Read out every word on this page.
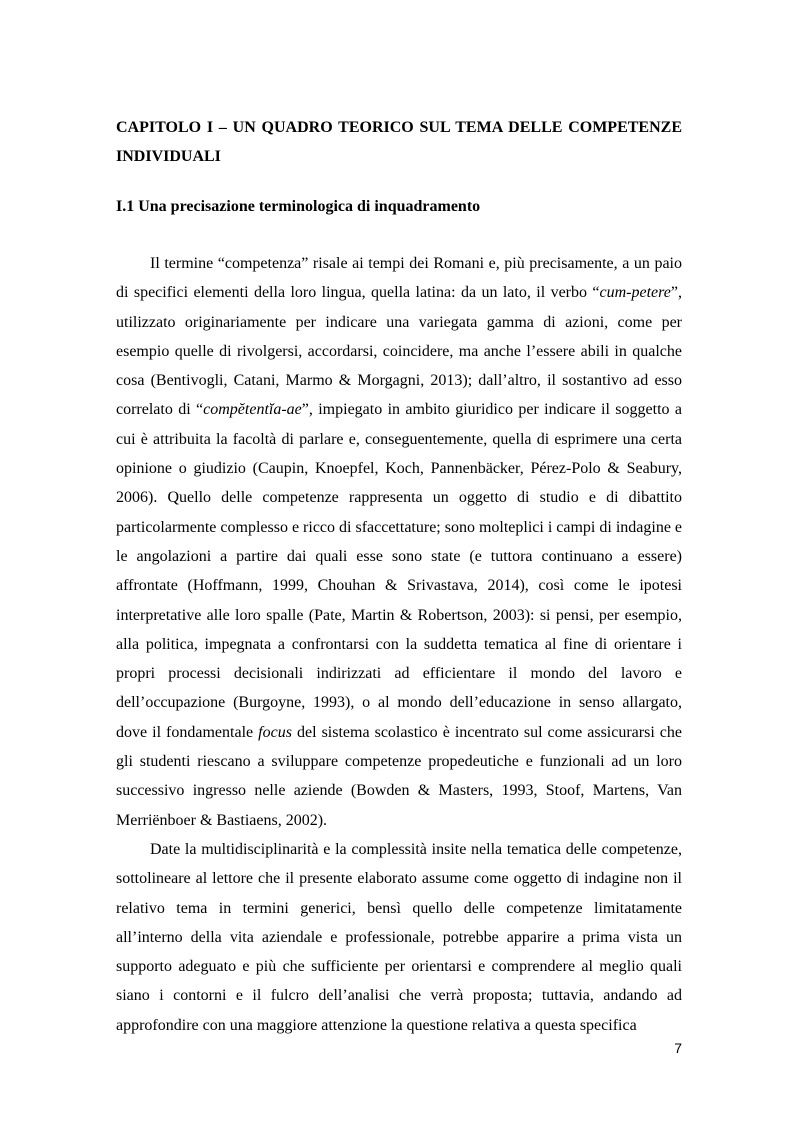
CAPITOLO I – UN QUADRO TEORICO SUL TEMA DELLE COMPETENZE INDIVIDUALI
I.1 Una precisazione terminologica di inquadramento

Il termine “competenza” risale ai tempi dei Romani e, più precisamente, a un paio di specifici elementi della loro lingua, quella latina: da un lato, il verbo “cum-petere”, utilizzato originariamente per indicare una variegata gamma di azioni, come per esempio quelle di rivolgersi, accordarsi, coincidere, ma anche l’essere abili in qualche cosa (Bentivogli, Catani, Marmo & Morgagni, 2013); dall’altro, il sostantivo ad esso correlato di “compĕtentĭa-ae”, impiegato in ambito giuridico per indicare il soggetto a cui è attribuita la facoltà di parlare e, conseguentemente, quella di esprimere una certa opinione o giudizio (Caupin, Knoepfel, Koch, Pannenbäcker, Pérez-Polo & Seabury, 2006). Quello delle competenze rappresenta un oggetto di studio e di dibattito particolarmente complesso e ricco di sfaccettature; sono molteplici i campi di indagine e le angolazioni a partire dai quali esse sono state (e tuttora continuano a essere) affrontate (Hoffmann, 1999, Chouhan & Srivastava, 2014), così come le ipotesi interpretative alle loro spalle (Pate, Martin & Robertson, 2003): si pensi, per esempio, alla politica, impegnata a confrontarsi con la suddetta tematica al fine di orientare i propri processi decisionali indirizzati ad efficientare il mondo del lavoro e dell’occupazione (Burgoyne, 1993), o al mondo dell’educazione in senso allargato, dove il fondamentale focus del sistema scolastico è incentrato sul come assicurarsi che gli studenti riescano a sviluppare competenze propedeutiche e funzionali ad un loro successivo ingresso nelle aziende (Bowden & Masters, 1993, Stoof, Martens, Van Merriënboer & Bastiaens, 2002).

Date la multidisciplinarità e la complessità insite nella tematica delle competenze, sottolineare al lettore che il presente elaborato assume come oggetto di indagine non il relativo tema in termini generici, bensì quello delle competenze limitatamente all’interno della vita aziendale e professionale, potrebbe apparire a prima vista un supporto adeguato e più che sufficiente per orientarsi e comprendere al meglio quali siano i contorni e il fulcro dell’analisi che verrà proposta; tuttavia, andando ad approfondire con una maggiore attenzione la questione relativa a questa specifica

7
